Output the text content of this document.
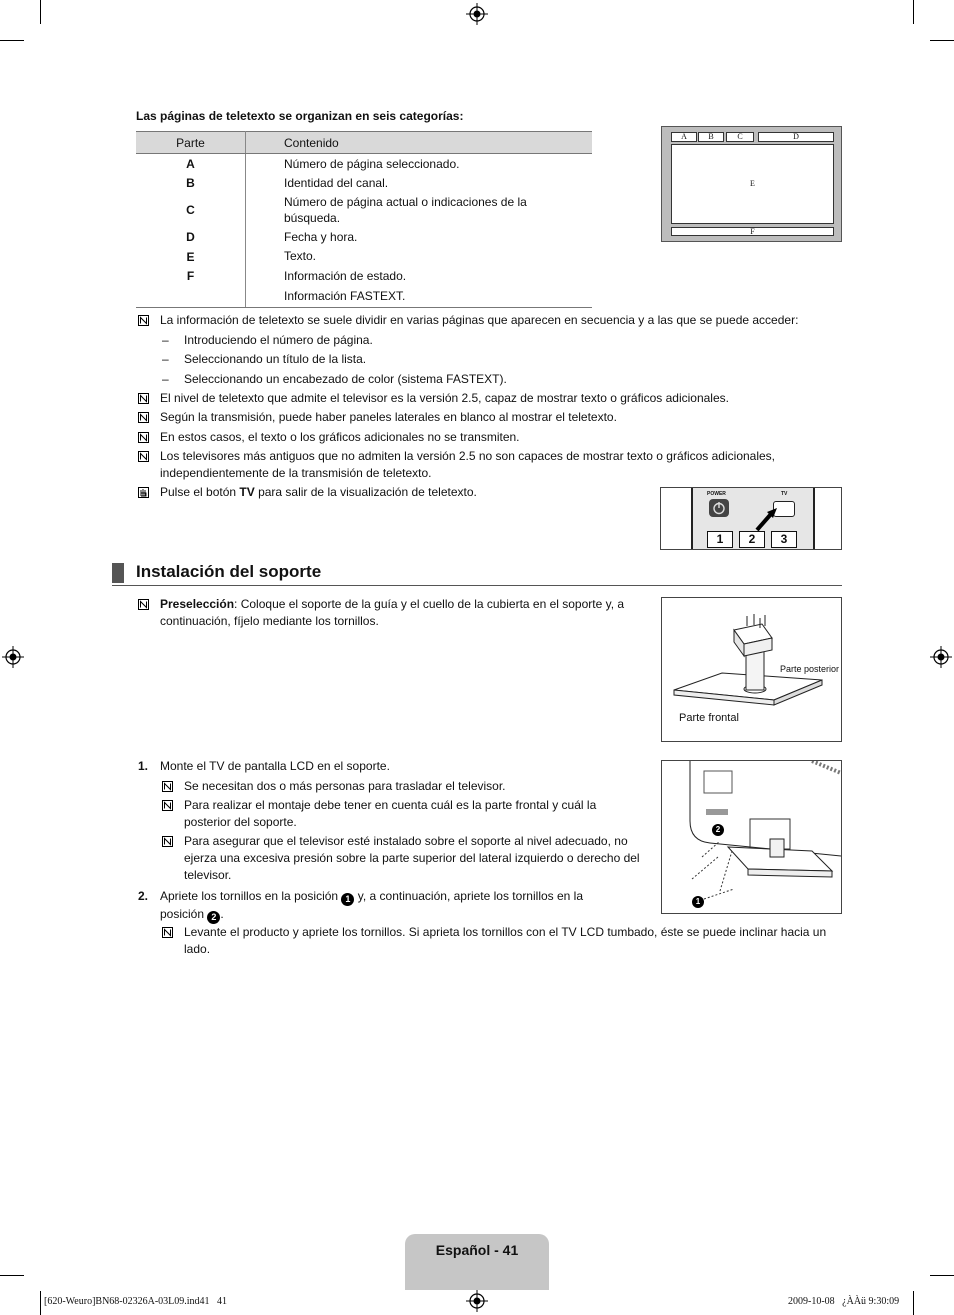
Las páginas de teletexto se organizan en seis categorías:
Parte	Contenido
A	Número de página seleccionado.
B	Identidad del canal.
C	Número de página actual o indicaciones de la búsqueda.
D	Fecha y hora.
E	Texto.
F	Información de estado.
	Información FASTEXT.
A	B	C	D
E
F
La información de teletexto se suele dividir en varias páginas que aparecen en secuencia y a las que se puede acceder:
– Introduciendo el número de página.
– Seleccionando un título de la lista.
– Seleccionando un encabezado de color (sistema FASTEXT).
El nivel de teletexto que admite el televisor es la versión 2.5, capaz de mostrar texto o gráficos adicionales.
Según la transmisión, puede haber paneles laterales en blanco al mostrar el teletexto.
En estos casos, el texto o los gráficos adicionales no se transmiten.
Los televisores más antiguos que no admiten la versión 2.5 no son capaces de mostrar texto o gráficos adicionales, independientemente de la transmisión de teletexto.
Pulse el botón TV para salir de la visualización de teletexto.	POWER	TV
1	2	3
Instalación del soporte
Preselección: Coloque el soporte de la guía y el cuello de la cubierta en el soporte y, a continuación, fíjelo mediante los tornillos.
Parte posterior
Parte frontal
1. Monte el TV de pantalla LCD en el soporte.
Se necesitan dos o más personas para trasladar el televisor.
Para realizar el montaje debe tener en cuenta cuál es la parte frontal y cuál la posterior del soporte.
Para asegurar que el televisor esté instalado sobre el soporte al nivel adecuado, no ejerza una excesiva presión sobre la parte superior del lateral izquierdo o derecho del televisor.
2. Apriete los tornillos en la posición 1 y, a continuación, apriete los tornillos en la posición 2 .
Levante el producto y apriete los tornillos. Si aprieta los tornillos con el TV LCD tumbado, éste se puede inclinar hacia un lado.
2
1
Español - 41
[620-Weuro]BN68-02326A-03L09.ind41   41	2009-10-08   ¿ÀÀü 9:30:09
